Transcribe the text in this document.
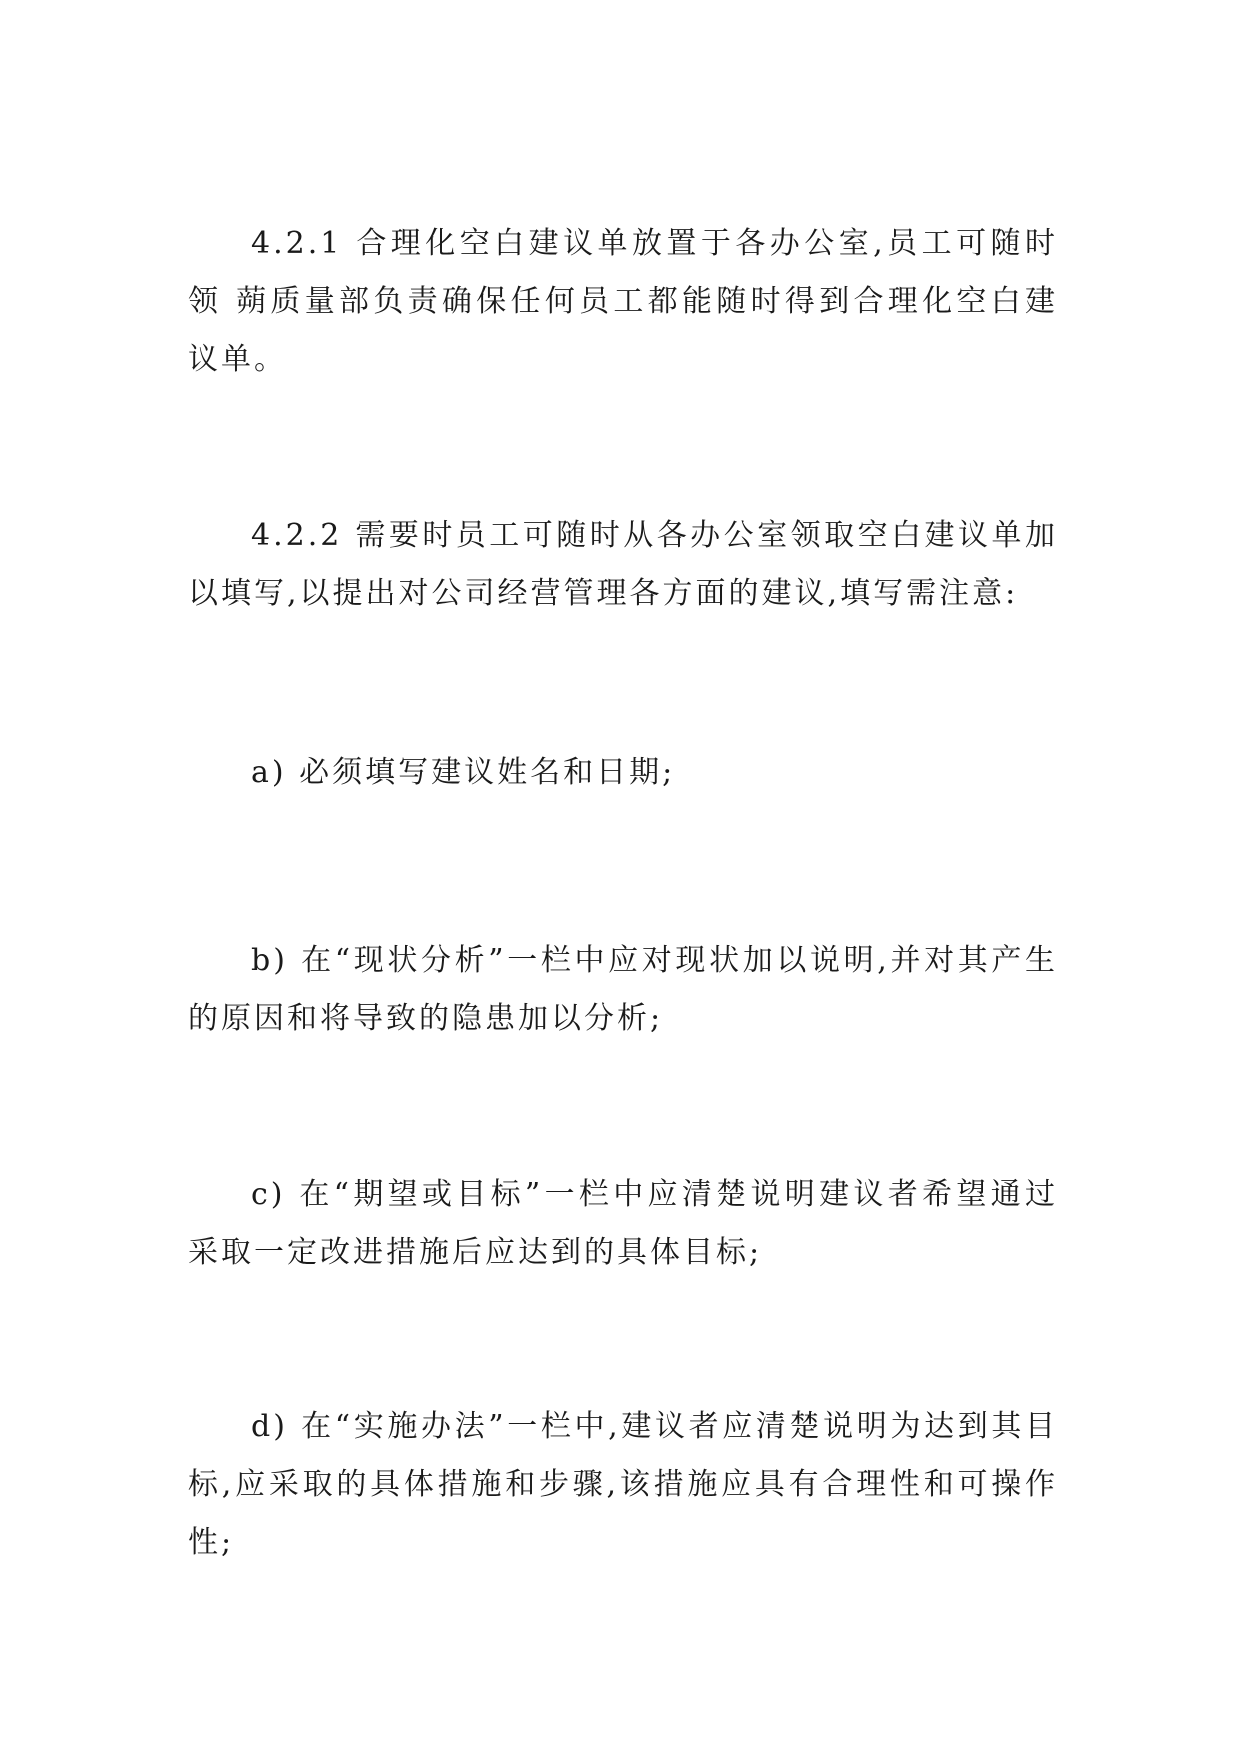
4.2.1 合理化空白建议单放置于各办公室,员工可随时领 蒴质量部负责确保任何员工都能随时得到合理化空白建议单。

4.2.2 需要时员工可随时从各办公室领取空白建议单加以填写,以提出对公司经营管理各方面的建议,填写需注意:

a) 必须填写建议姓名和日期;

b) 在“现状分析”一栏中应对现状加以说明,并对其产生的原因和将导致的隐患加以分析;

c) 在“期望或目标”一栏中应清楚说明建议者希望通过采取一定改进措施后应达到的具体目标;

d) 在“实施办法”一栏中,建议者应清楚说明为达到其目标,应采取的具体措施和步骤,该措施应具有合理性和可操作性;
